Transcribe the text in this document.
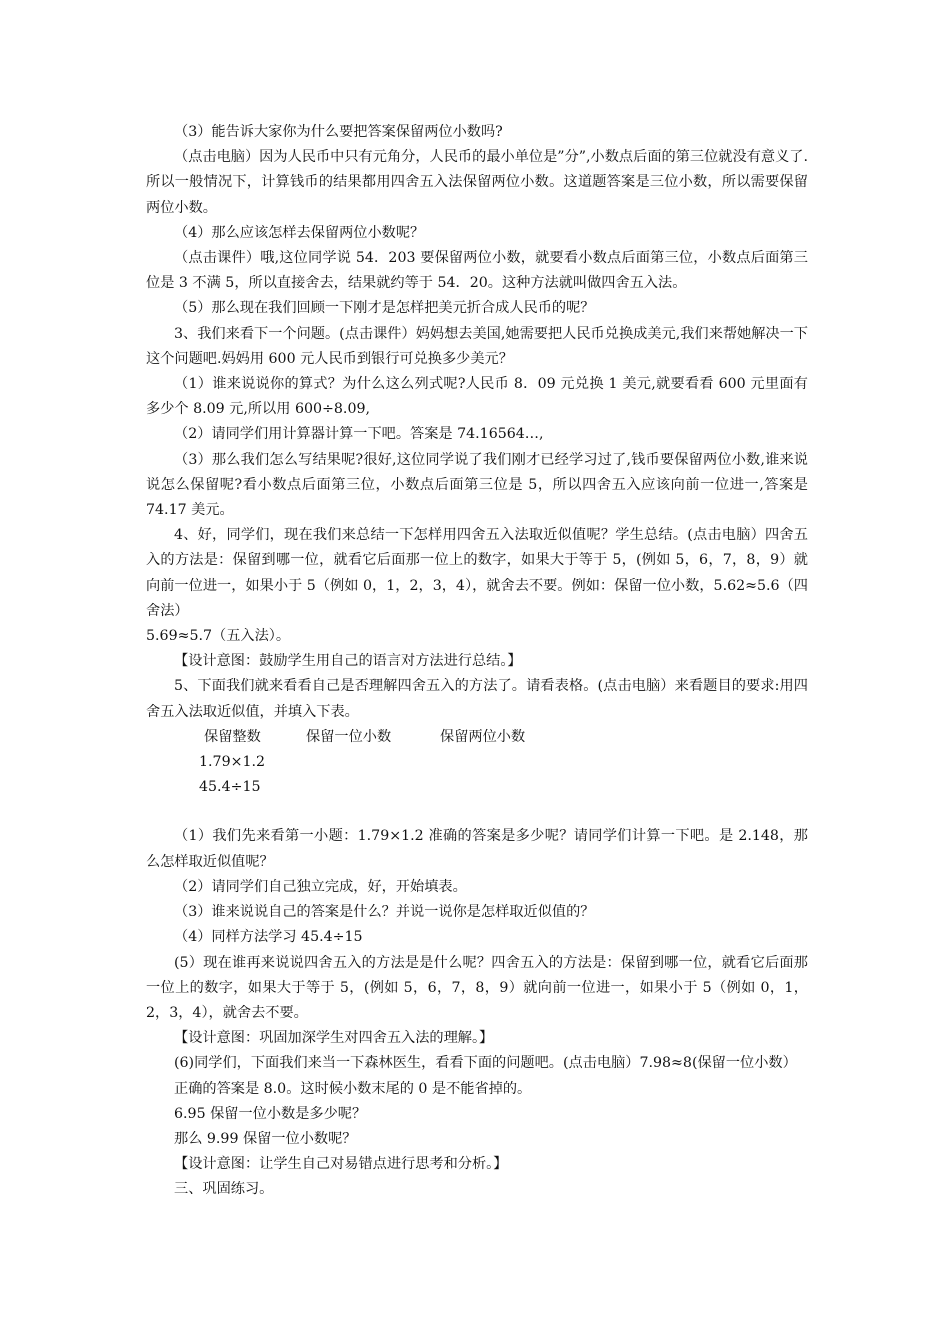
（3）能告诉大家你为什么要把答案保留两位小数吗?

（点击电脑）因为人民币中只有元角分，人民币的最小单位是”分”,小数点后面的第三位就没有意义了.所以一般情况下，计算钱币的结果都用四舍五入法保留两位小数。这道题答案是三位小数，所以需要保留两位小数。

（4）那么应该怎样去保留两位小数呢？

（点击课件）哦,这位同学说 54．203 要保留两位小数，就要看小数点后面第三位，小数点后面第三位是 3 不满 5，所以直接舍去，结果就约等于 54．20。这种方法就叫做四舍五入法。

（5）那么现在我们回顾一下刚才是怎样把美元折合成人民币的呢？

3、我们来看下一个问题。(点击课件）妈妈想去美国,她需要把人民币兑换成美元,我们来帮她解决一下这个问题吧.妈妈用 600 元人民币到银行可兑换多少美元？

（1）谁来说说你的算式？为什么这么列式呢?人民币 8．09 元兑换 1 美元,就要看看 600 元里面有多少个 8.09 元,所以用 600÷8.09,

（2）请同学们用计算器计算一下吧。答案是 74.16564…,

（3）那么我们怎么写结果呢?很好,这位同学说了我们刚才已经学习过了,钱币要保留两位小数,谁来说说怎么保留呢?看小数点后面第三位，小数点后面第三位是 5，所以四舍五入应该向前一位进一,答案是 74.17 美元。

4、好，同学们，现在我们来总结一下怎样用四舍五入法取近似值呢？学生总结。(点击电脑）四舍五入的方法是：保留到哪一位，就看它后面那一位上的数字，如果大于等于 5，(例如 5，6，7，8，9）就向前一位进一，如果小于 5（例如 0，1，2，3，4），就舍去不要。例如：保留一位小数，5.62≈5.6（四舍法）

5.69≈5.7（五入法）。

【设计意图：鼓励学生用自己的语言对方法进行总结。】

5、下面我们就来看看自己是否理解四舍五入的方法了。请看表格。(点击电脑）来看题目的要求:用四舍五入法取近似值，并填入下表。

保留整数	保留一位小数	保留两位小数
1.79×1.2
45.4÷15

（1）我们先来看第一小题：1.79×1.2 准确的答案是多少呢？请同学们计算一下吧。是 2.148，那么怎样取近似值呢？

（2）请同学们自己独立完成，好，开始填表。

（3）谁来说说自己的答案是什么？并说一说你是怎样取近似值的？

（4）同样方法学习 45.4÷15

(5）现在谁再来说说四舍五入的方法是是什么呢？四舍五入的方法是：保留到哪一位，就看它后面那一位上的数字，如果大于等于 5，(例如 5，6，7，8，9）就向前一位进一，如果小于 5（例如 0，1，2，3，4），就舍去不要。

【设计意图：巩固加深学生对四舍五入法的理解。】

(6)同学们，下面我们来当一下森林医生，看看下面的问题吧。(点击电脑）7.98≈8(保留一位小数）

正确的答案是 8.0。这时候小数末尾的 0 是不能省掉的。

6.95 保留一位小数是多少呢？

那么 9.99 保留一位小数呢？

【设计意图：让学生自己对易错点进行思考和分析。】

三、巩固练习。
